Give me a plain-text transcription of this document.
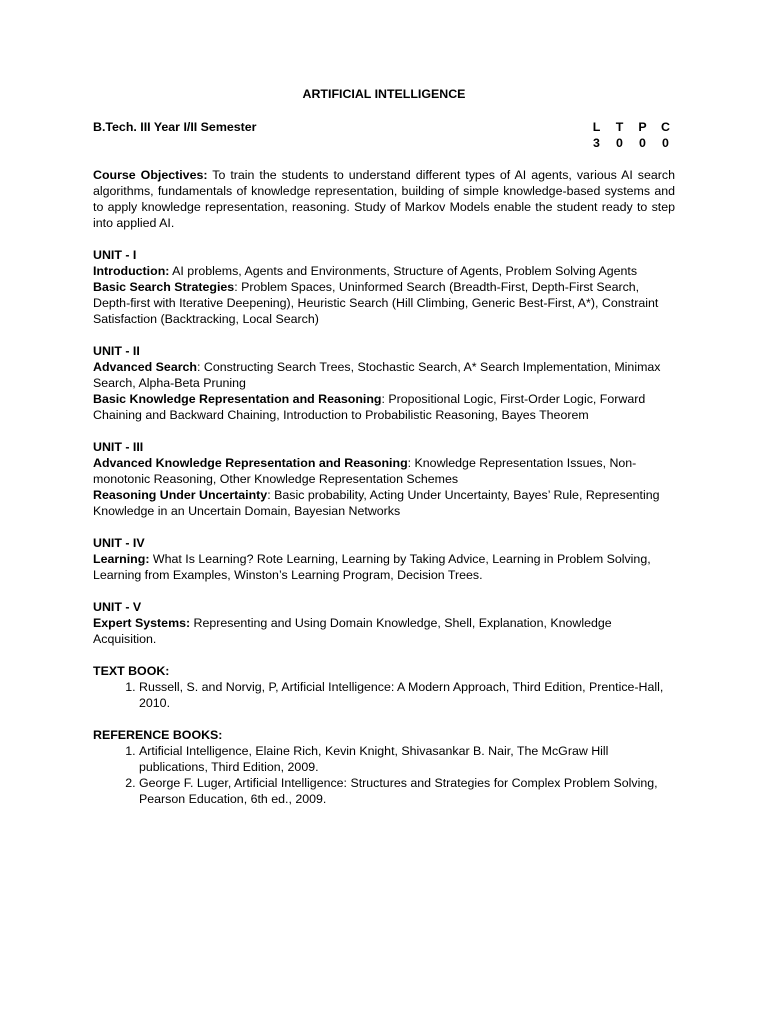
ARTIFICIAL INTELLIGENCE

B.Tech. III Year I/II Semester	L	T	P	C
3	0	0	0

Course Objectives: To train the students to understand different types of AI agents, various AI search algorithms, fundamentals of knowledge representation, building of simple knowledge-based systems and to apply knowledge representation, reasoning. Study of Markov Models enable the student ready to step into applied AI.

UNIT - I

Introduction: AI problems, Agents and Environments, Structure of Agents, Problem Solving Agents

Basic Search Strategies: Problem Spaces, Uninformed Search (Breadth-First, Depth-First Search, Depth-first with Iterative Deepening), Heuristic Search (Hill Climbing, Generic Best-First, A*), Constraint Satisfaction (Backtracking, Local Search)

UNIT - II

Advanced Search: Constructing Search Trees, Stochastic Search, A* Search Implementation, Minimax Search, Alpha-Beta Pruning

Basic Knowledge Representation and Reasoning: Propositional Logic, First-Order Logic, Forward Chaining and Backward Chaining, Introduction to Probabilistic Reasoning, Bayes Theorem

UNIT - III

Advanced Knowledge Representation and Reasoning: Knowledge Representation Issues, Non-monotonic Reasoning, Other Knowledge Representation Schemes

Reasoning Under Uncertainty: Basic probability, Acting Under Uncertainty, Bayes’ Rule, Representing Knowledge in an Uncertain Domain, Bayesian Networks

UNIT - IV

Learning: What Is Learning? Rote Learning, Learning by Taking Advice, Learning in Problem Solving, Learning from Examples, Winston’s Learning Program, Decision Trees.

UNIT - V

Expert Systems: Representing and Using Domain Knowledge, Shell, Explanation, Knowledge Acquisition.

TEXT BOOK:

1. Russell, S. and Norvig, P, Artificial Intelligence: A Modern Approach, Third Edition, Prentice-Hall, 2010.

REFERENCE BOOKS:

1. Artificial Intelligence, Elaine Rich, Kevin Knight, Shivasankar B. Nair, The McGraw Hill publications, Third Edition, 2009.
2. George F. Luger, Artificial Intelligence: Structures and Strategies for Complex Problem Solving, Pearson Education, 6th ed., 2009.
